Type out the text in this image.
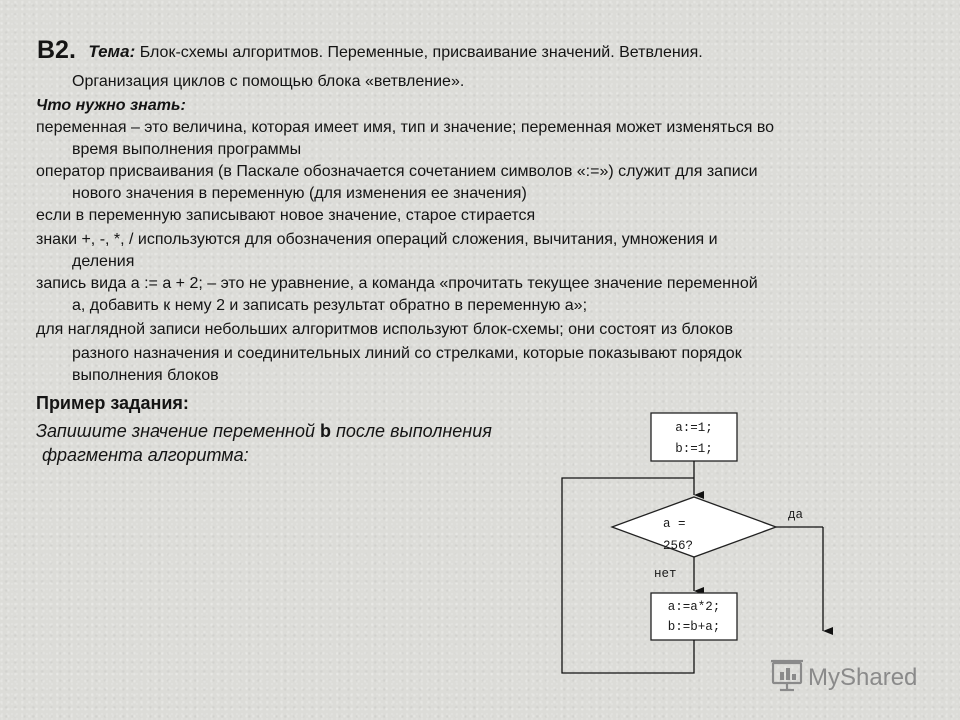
B2. Тема: Блок-схемы алгоритмов. Переменные, присваивание значений. Ветвления.
Организация циклов с помощью блока «ветвление».
Что нужно знать:
переменная – это величина, которая имеет имя, тип и значение; переменная может изменяться во
время выполнения программы
оператор присваивания (в Паскале обозначается сочетанием символов «:=») служит для записи
нового значения в переменную (для изменения ее значения)
если в переменную записывают новое значение, старое стирается
знаки +, -, *, / используются для обозначения операций сложения, вычитания, умножения и
деления
запись вида a := a + 2; – это не уравнение, а команда «прочитать текущее значение переменной
a, добавить к нему 2 и записать результат обратно в переменную a»;
для наглядной записи небольших алгоритмов используют блок-схемы; они состоят из блоков
разного назначения и соединительных линий со стрелками, которые показывают порядок
выполнения блоков
Пример задания:
Запишите значение переменной b после выполнения
фрагмента алгоритма:
a:=1;
b:=1;
a =
256?
да
нет
a:=a*2;
b:=b+a;
MyShared
